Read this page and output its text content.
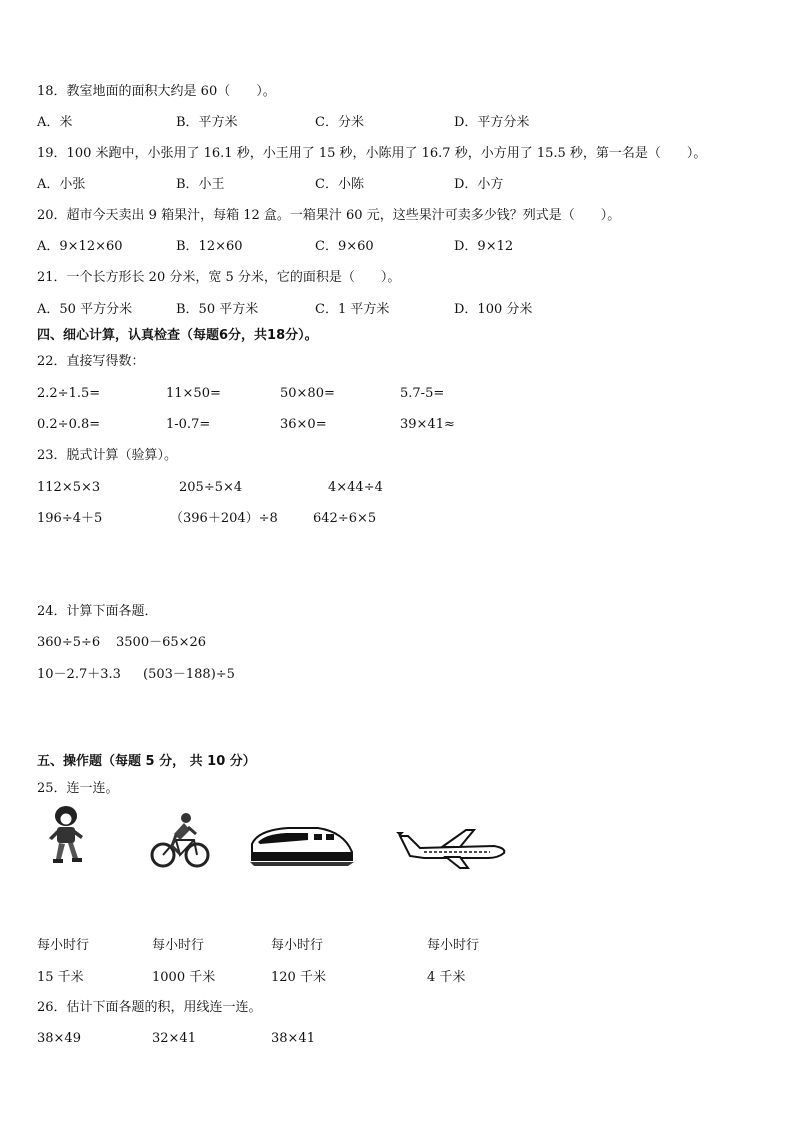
18．教室地面的面积大约是 60（　　）。
A．米	B．平方米	C．分米	D．平方分米
19．100 米跑中，小张用了 16.1 秒，小王用了 15 秒，小陈用了 16.7 秒，小方用了 15.5 秒，第一名是（　　）。
A．小张	B．小王	C．小陈	D．小方
20．超市今天卖出 9 箱果汁，每箱 12 盒。一箱果汁 60 元，这些果汁可卖多少钱？列式是（　　）。
A．9×12×60	B．12×60	C．9×60	D．9×12
21．一个长方形长 20 分米，宽 5 分米，它的面积是（　　）。
A．50 平方分米	B．50 平方米	C．1 平方米	D．100 分米
四、细心计算，认真检查（每题6分，共18分）。
22．直接写得数：
2.2÷1.5=	11×50=	50×80=	5.7-5=
0.2÷0.8=	1-0.7=	36×0=	39×41≈
23．脱式计算（验算）。
112×5×3	205÷5×4	4×44÷4
196÷4＋5	（396＋204）÷8	642÷6×5
24．计算下面各题．
360÷5÷6 3500－65×26
10－2.7＋3.3 (503－188)÷5
五、操作题（每题 5 分， 共 10 分）
25．连一连。
每小时行	每小时行	每小时行	每小时行
15 千米	1000 千米	120 千米	4 千米
26．估计下面各题的积，用线连一连。
38×49	32×41	38×41
